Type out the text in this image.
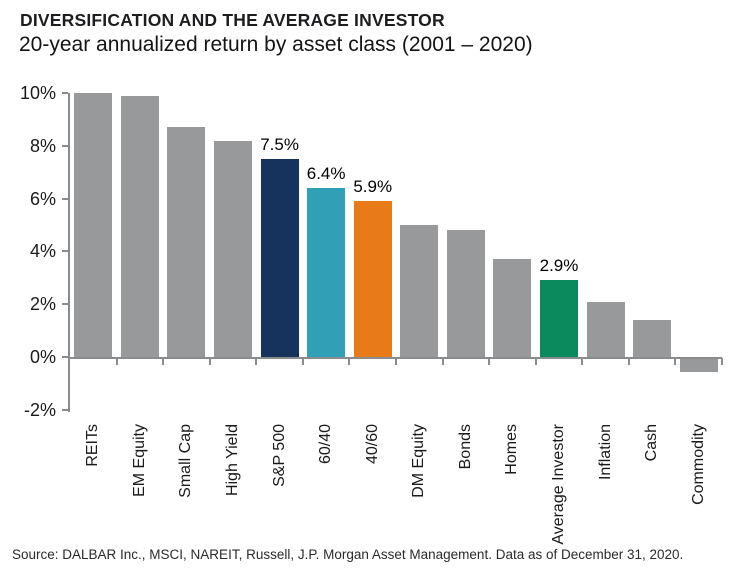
DIVERSIFICATION AND THE AVERAGE INVESTOR
20-year annualized return by asset class (2001 – 2020)
10%
8%
6%
4%
2%
0%
-2%
REITs EM Equity Small Cap High Yield
7.5%
S&P 500
6.4%
60/40
5.9%
40/60 DM Equity Bonds Homes
2.9%
Average Investor Inflation Cash Commodity

Source: DALBAR Inc., MSCI, NAREIT, Russell, J.P. Morgan Asset Management. Data as of December 31, 2020.
